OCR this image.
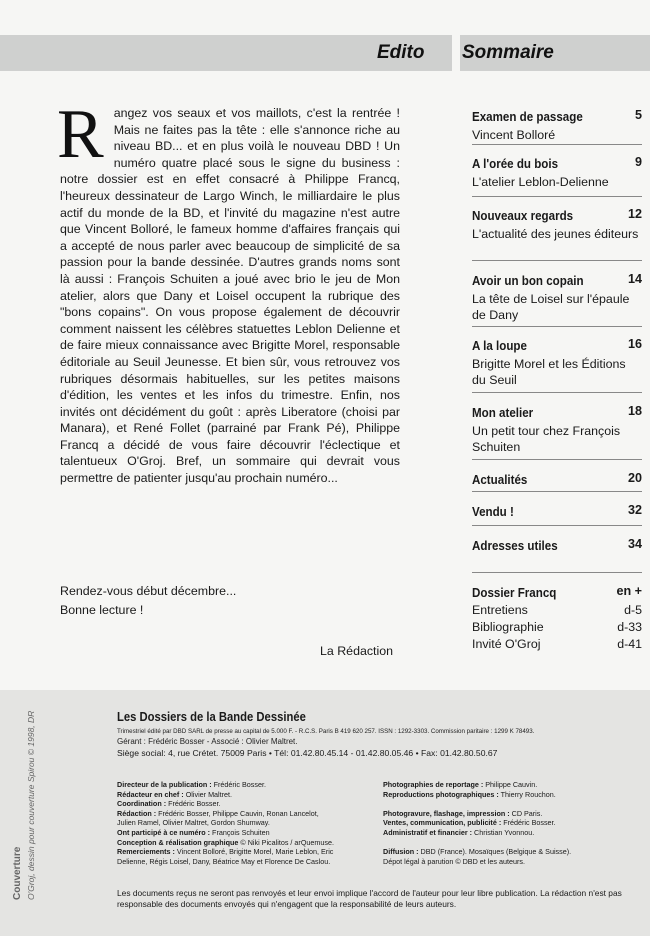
Edito Sommaire
R angez vos seaux et vos maillots, c'est la rentrée ! Mais ne faites pas la tête : elle s'annonce riche au niveau BD... et en plus voilà le nouveau DBD ! Un numéro quatre placé sous le signe du business : notre dossier est en effet consacré à Philippe Francq, l'heureux dessinateur de Largo Winch, le milliardaire le plus actif du monde de la BD, et l'invité du magazine n'est autre que Vincent Bolloré, le fameux homme d'affaires français qui a accepté de nous parler avec beaucoup de simplicité de sa passion pour la bande dessinée. D'autres grands noms sont là aussi : François Schuiten a joué avec brio le jeu de Mon atelier, alors que Dany et Loisel occupent la rubrique des "bons copains". On vous propose également de découvrir comment naissent les célèbres statuettes Leblon Delienne et de faire mieux connaissance avec Brigitte Morel, responsable éditoriale au Seuil Jeunesse. Et bien sûr, vous retrouvez vos rubriques désormais habituelles, sur les petites maisons d'édition, les ventes et les infos du trimestre. Enfin, nos invités ont décidément du goût : après Liberatore (choisi par Manara), et René Follet (parrainé par Frank Pé), Philippe Francq a décidé de vous faire découvrir l'éclectique et talentueux O'Groj. Bref, un sommaire qui devrait vous permettre de patienter jusqu'au prochain numéro...
Rendez-vous début décembre...
Bonne lecture !
La Rédaction
Examen de passage	5
Vincent Bolloré
A l'orée du bois	9
L'atelier Leblon-Delienne
Nouveaux regards	12
L'actualité des jeunes éditeurs
Avoir un bon copain	14
La tête de Loisel sur l'épaule de Dany
A la loupe	16
Brigitte Morel et les Éditions du Seuil
Mon atelier	18
Un petit tour chez François Schuiten
Actualités	20
Vendu !	32
Adresses utiles	34
Dossier Francq	en +
Entretiens	d-5
Bibliographie	d-33
Invité O'Groj	d-41
Couverture O'Groj, dessin pour couverture Spirou © 1998, DR	Les Dossiers de la Bande Dessinée
Trimestriel édité par DBD SARL de presse au capital de 5.000 F. - R.C.S. Paris B 419 620 257. ISSN : 1292-3303. Commission paritaire : 1299 K 78493.
Gérant : Frédéric Bosser - Associé : Olivier Maltret.
Siège social: 4, rue Crétet. 75009 Paris • Tél: 01.42.80.45.14 - 01.42.80.05.46 • Fax: 01.42.80.50.67
Directeur de la publication : Frédéric Bosser.
Rédacteur en chef : Olivier Maltret.
Coordination : Frédéric Bosser.
Rédaction : Frédéric Bosser, Philippe Cauvin, Ronan Lancelot,
Julien Ramel, Olivier Maltret, Gordon Shumway.
Ont participé à ce numéro : François Schuiten
Conception & réalisation graphique © Niki Picalitos / arQuemuse.
Remerciements : Vincent Bolloré, Brigitte Morel, Marie Leblon, Eric
Delienne, Régis Loisel, Dany, Béatrice May et Florence De Caslou.
Photographies de reportage : Philippe Cauvin.
Reproductions photographiques : Thierry Rouchon.
Photogravure, flashage, impression : CD Paris.
Ventes, communication, publicité : Frédéric Bosser.
Administratif et financier : Christian Yvonnou.
Diffusion : DBD (France). Mosaïques (Belgique & Suisse).
Dépot légal à parution © DBD et les auteurs.
Les documents reçus ne seront pas renvoyés et leur envoi implique l'accord de l'auteur pour leur libre publication. La rédaction n'est pas responsable des documents envoyés qui n'engagent que la responsabilité de leurs auteurs.
